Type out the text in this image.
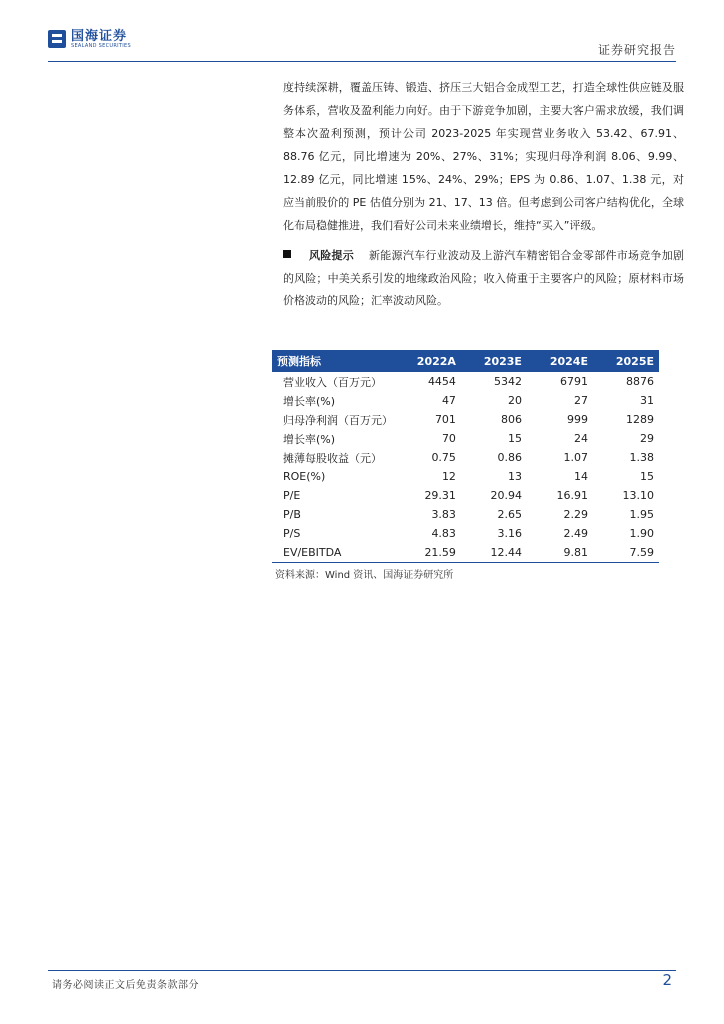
国海证券
SEALAND SECURITIES	证券研究报告

度持续深耕，覆盖压铸、锻造、挤压三大铝合金成型工艺，打造全球性供应链及服务体系，营收及盈利能力向好。由于下游竞争加剧，主要大客户需求放缓，我们调整本次盈利预测，预计公司 2023-2025 年实现营业务收入 53.42、67.91、88.76 亿元，同比增速为 20%、27%、31%；实现归母净利润 8.06、9.99、12.89 亿元，同比增速 15%、24%、29%；EPS 为 0.86、1.07、1.38 元，对应当前股价的 PE 估值分别为 21、17、13 倍。但考虑到公司客户结构优化，全球化布局稳健推进，我们看好公司未来业绩增长，维持“买入”评级。

风险提示 新能源汽车行业波动及上游汽车精密铝合金零部件市场竞争加剧的风险；中美关系引发的地缘政治风险；收入倚重于主要客户的风险；原材料市场价格波动的风险；汇率波动风险。

预测指标	2022A	2023E	2024E	2025E
营业收入（百万元）	4454	5342	6791	8876
增长率(%)	47	20	27	31
归母净利润（百万元）	701	806	999	1289
增长率(%)	70	15	24	29
摊薄每股收益（元）	0.75	0.86	1.07	1.38
ROE(%)	12	13	14	15
P/E	29.31	20.94	16.91	13.10
P/B	3.83	2.65	2.29	1.95
P/S	4.83	3.16	2.49	1.90
EV/EBITDA	21.59	12.44	9.81	7.59
资料来源：Wind 资讯、国海证券研究所
请务必阅读正文后免责条款部分	2
